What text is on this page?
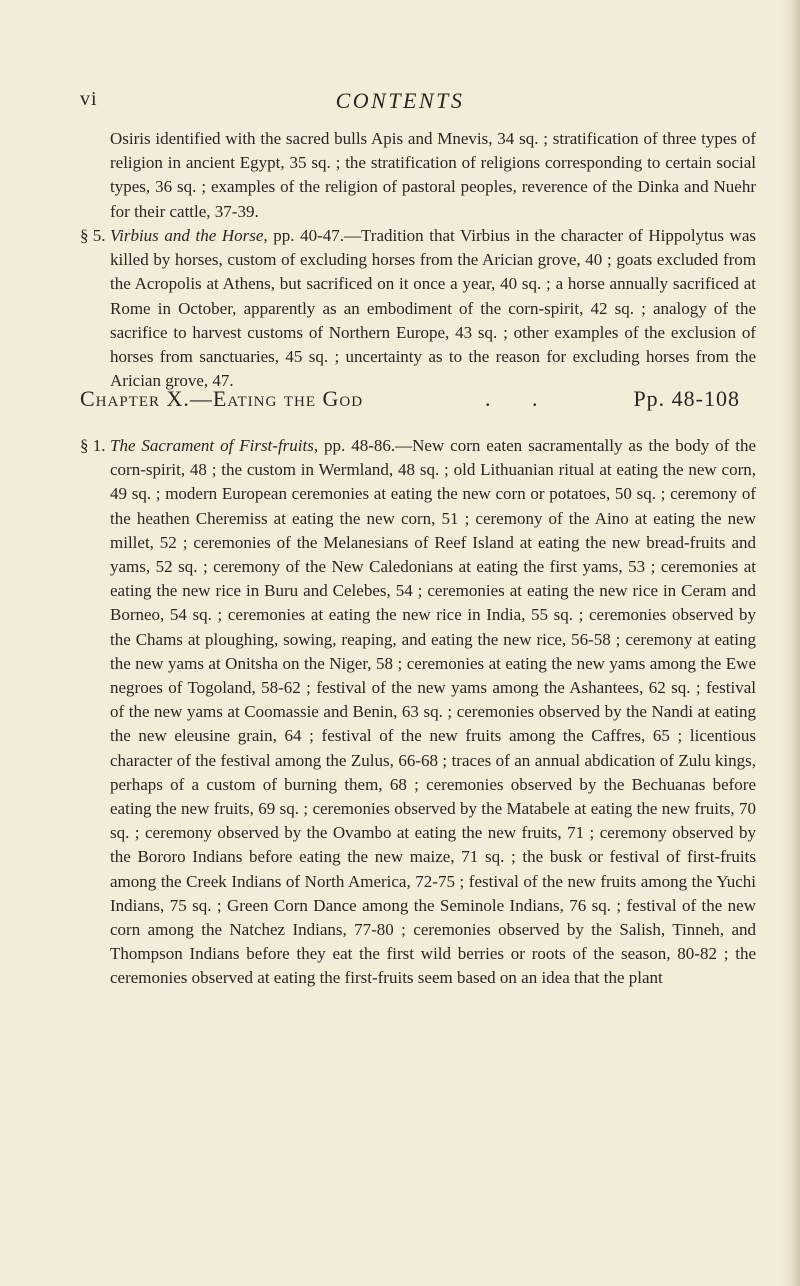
vi	CONTENTS
Osiris identified with the sacred bulls Apis and Mnevis, 34 sq. ; stratification of three types of religion in ancient Egypt, 35 sq. ; the stratification of religions corresponding to certain social types, 36 sq. ; examples of the religion of pastoral peoples, reverence of the Dinka and Nuehr for their cattle, 37-39.
§ 5. Virbius and the Horse, pp. 40-47.—Tradition that Virbius in the character of Hippolytus was killed by horses, custom of excluding horses from the Arician grove, 40 ; goats excluded from the Acropolis at Athens, but sacrificed on it once a year, 40 sq. ; a horse annually sacrificed at Rome in October, apparently as an embodiment of the corn-spirit, 42 sq. ; analogy of the sacrifice to harvest customs of Northern Europe, 43 sq. ; other examples of the exclusion of horses from sanctuaries, 45 sq. ; uncertainty as to the reason for excluding horses from the Arician grove, 47.
Chapter X.—Eating the God	. .	Pp. 48-108
§ 1. The Sacrament of First-fruits, pp. 48-86.—New corn eaten sacramentally as the body of the corn-spirit, 48 ; the custom in Wermland, 48 sq. ; old Lithuanian ritual at eating the new corn, 49 sq. ; modern European ceremonies at eating the new corn or potatoes, 50 sq. ; ceremony of the heathen Cheremiss at eating the new corn, 51 ; ceremony of the Aino at eating the new millet, 52 ; ceremonies of the Melanesians of Reef Island at eating the new bread-fruits and yams, 52 sq. ; ceremony of the New Caledonians at eating the first yams, 53 ; ceremonies at eating the new rice in Buru and Celebes, 54 ; ceremonies at eating the new rice in Ceram and Borneo, 54 sq. ; ceremonies at eating the new rice in India, 55 sq. ; ceremonies observed by the Chams at ploughing, sowing, reaping, and eating the new rice, 56-58 ; ceremony at eating the new yams at Onitsha on the Niger, 58 ; ceremonies at eating the new yams among the Ewe negroes of Togoland, 58-62 ; festival of the new yams among the Ashantees, 62 sq. ; festival of the new yams at Coomassie and Benin, 63 sq. ; ceremonies observed by the Nandi at eating the new eleusine grain, 64 ; festival of the new fruits among the Caffres, 65 ; licentious character of the festival among the Zulus, 66-68 ; traces of an annual abdication of Zulu kings, perhaps of a custom of burning them, 68 ; ceremonies observed by the Bechuanas before eating the new fruits, 69 sq. ; ceremonies observed by the Matabele at eating the new fruits, 70 sq. ; ceremony observed by the Ovambo at eating the new fruits, 71 ; ceremony observed by the Bororo Indians before eating the new maize, 71 sq. ; the busk or festival of first-fruits among the Creek Indians of North America, 72-75 ; festival of the new fruits among the Yuchi Indians, 75 sq. ; Green Corn Dance among the Seminole Indians, 76 sq. ; festival of the new corn among the Natchez Indians, 77-80 ; ceremonies observed by the Salish, Tinneh, and Thompson Indians before they eat the first wild berries or roots of the season, 80-82 ; the ceremonies observed at eating the first-fruits seem based on an idea that the plant
